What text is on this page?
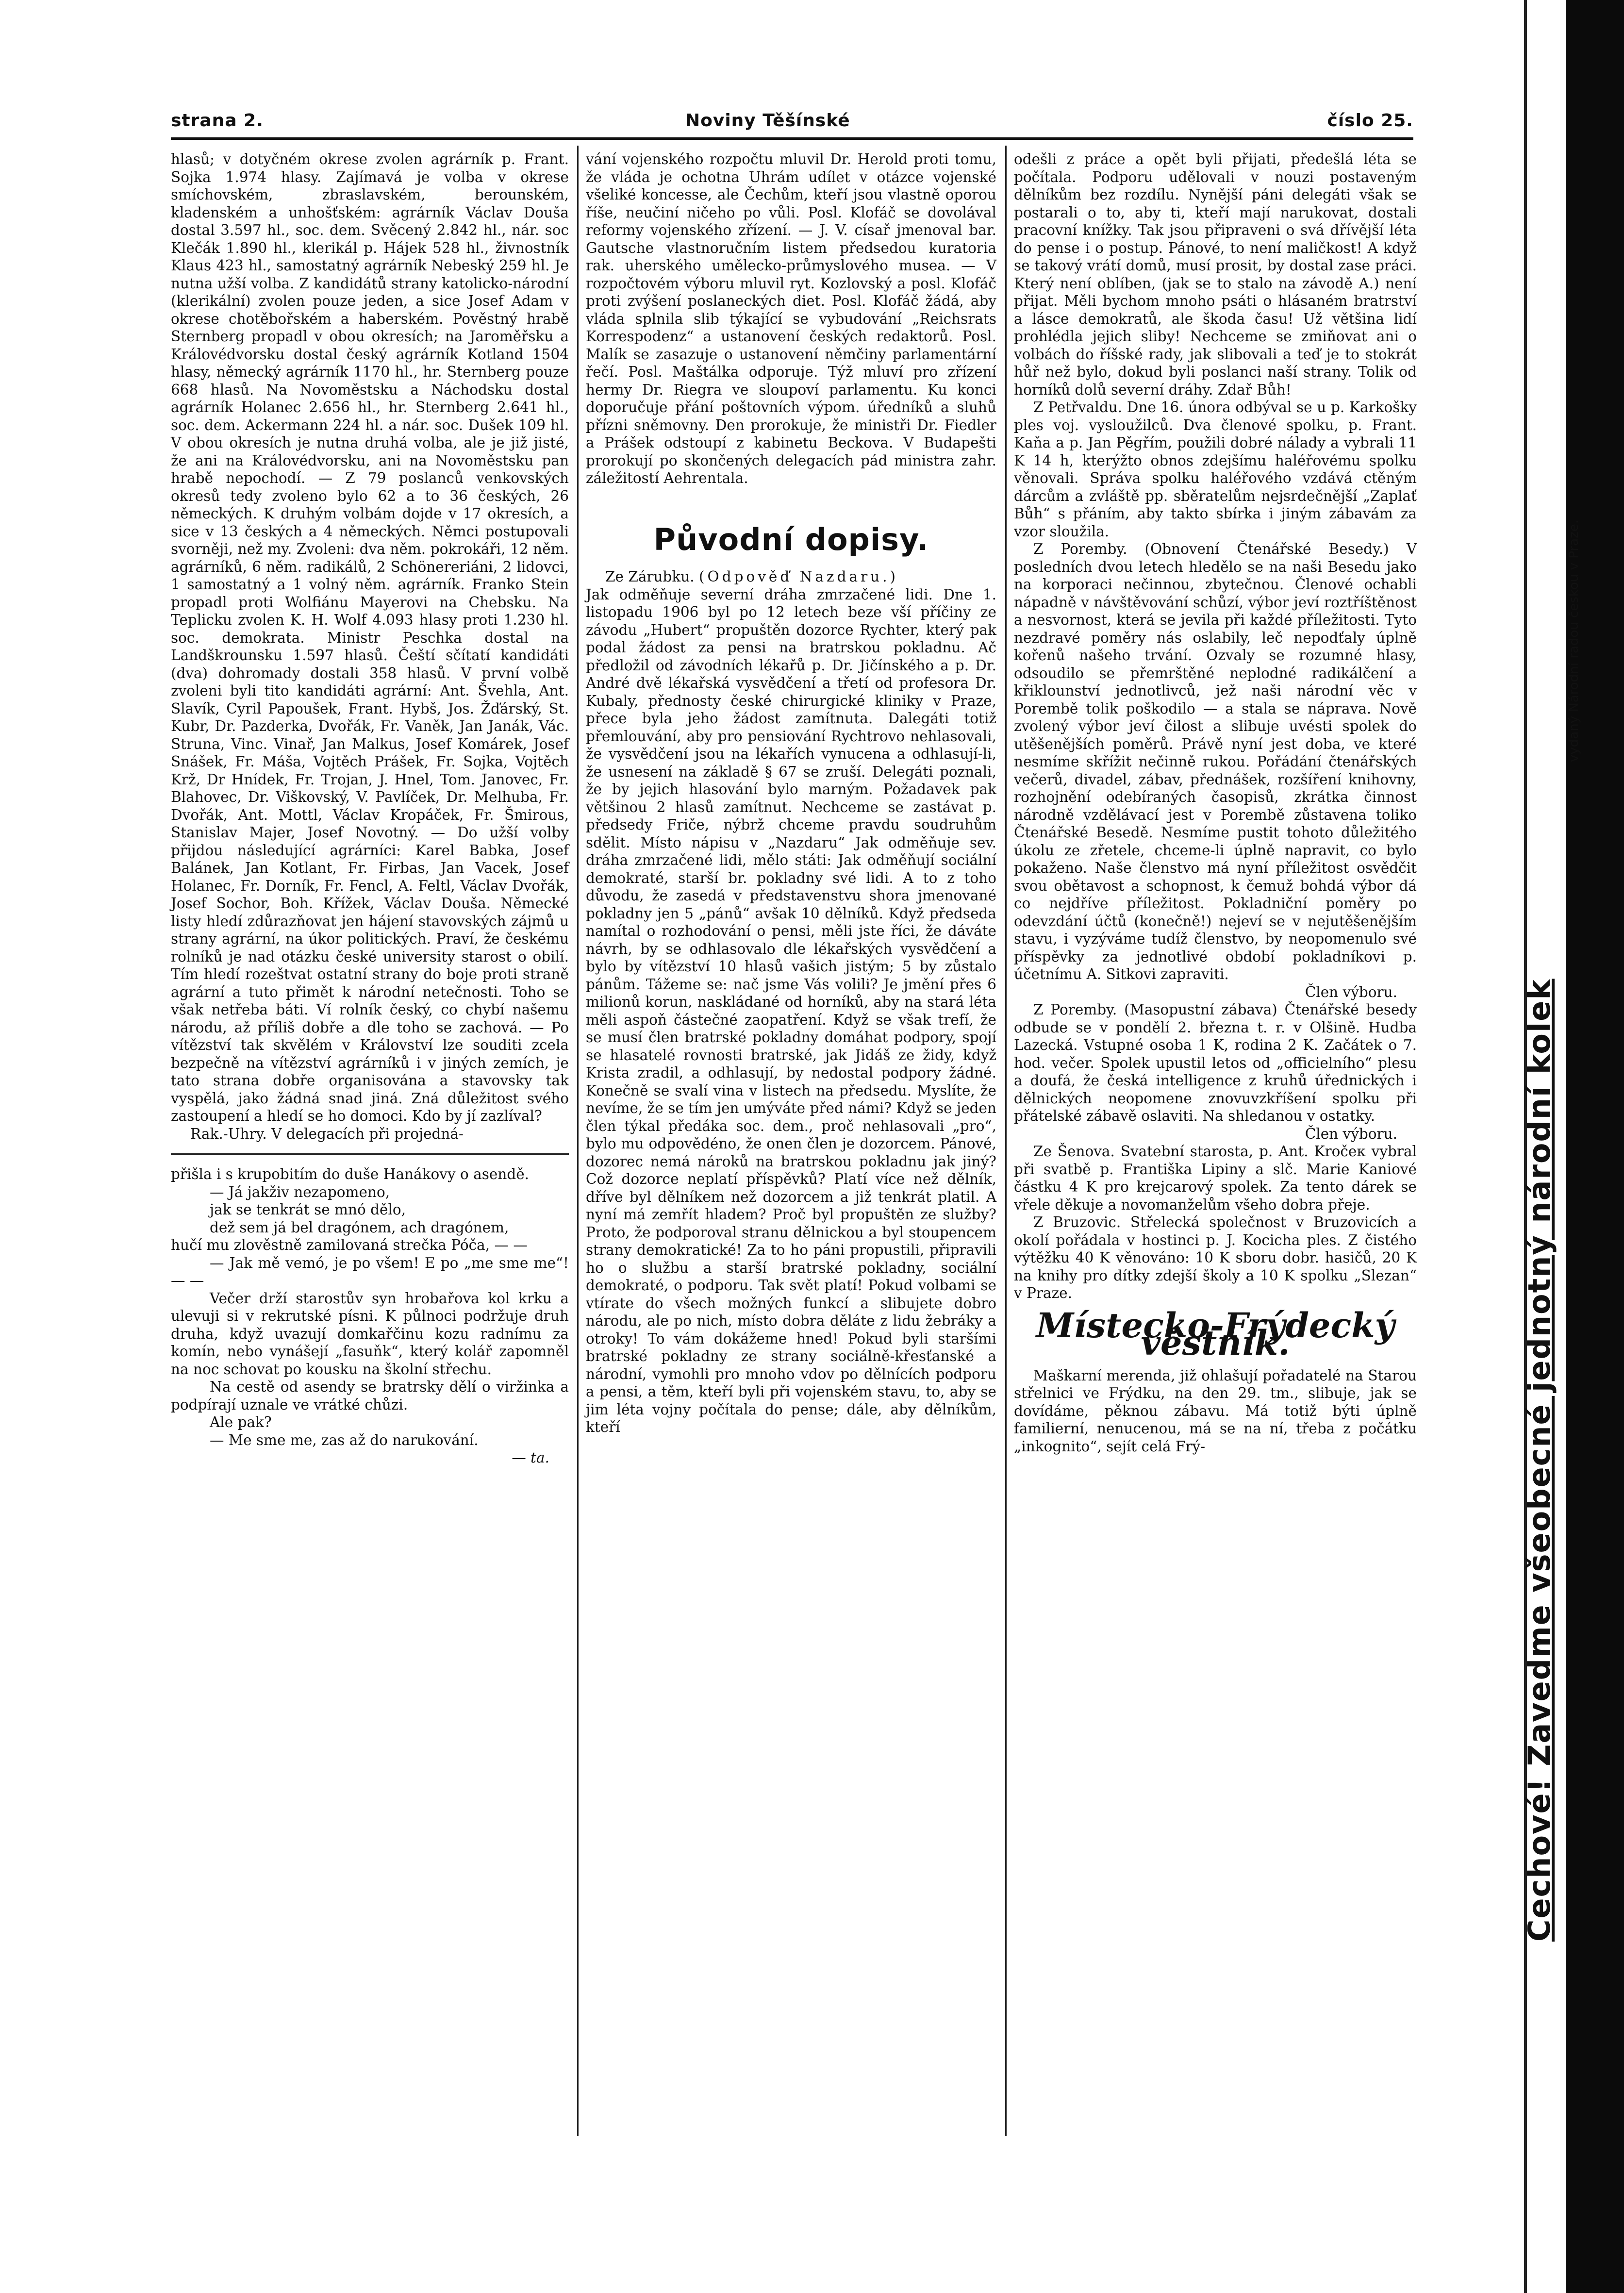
strana 2.	Noviny Těšínské	číslo 25.

hlasů; v dotyčném okrese zvolen agrárník p. Frant. Sojka 1.974 hlasy. Zajímavá je volba v okrese smíchovském, zbraslavském, berounském, kladenském a unhošťském: agrárník Václav Douša dostal 3.597 hl., soc. dem. Svěcený 2.842 hl., nár. soc Klečák 1.890 hl., klerikál p. Hájek 528 hl., živnostník Klaus 423 hl., samostatný agrárník Nebeský 259 hl. Je nutna užší volba. Z kandidátů strany katolicko-národní (klerikální) zvolen pouze jeden, a sice Josef Adam v okrese chotěbořském a haberském. Pověstný hrabě Sternberg propadl v obou okresích; na Jaroměřsku a Královédvorsku dostal český agrárník Kotland 1504 hlasy, německý agrárník 1170 hl., hr. Sternberg pouze 668 hlasů. Na Novoměstsku a Náchodsku dostal agrárník Holanec 2.656 hl., hr. Sternberg 2.641 hl., soc. dem. Ackermann 224 hl. a nár. soc. Dušek 109 hl. V obou okresích je nutna druhá volba, ale je již jisté, že ani na Královédvorsku, ani na Novoměstsku pan hrabě nepochodí. — Z 79 poslanců venkovských okresů tedy zvoleno bylo 62 a to 36 českých, 26 německých. K druhým volbám dojde v 17 okresích, a sice v 13 českých a 4 německých. Němci postupovali svorněji, než my. Zvoleni: dva něm. pokrokáři, 12 něm. agrárníků, 6 něm. radikálů, 2 Schönereriáni, 2 lidovci, 1 samostatný a 1 volný něm. agrárník. Franko Stein propadl proti Wolfiánu Mayerovi na Chebsku. Na Teplicku zvolen K. H. Wolf 4.093 hlasy proti 1.230 hl. soc. demokrata. Ministr Peschka dostal na Landškrounsku 1.597 hlasů. Čeští sčítatí kandidáti (dva) dohromady dostali 358 hlasů. V první volbě zvoleni byli tito kandidáti agrární: Ant. Švehla, Ant. Slavík, Cyril Papoušek, Frant. Hybš, Jos. Žďárský, St. Kubr, Dr. Pazderka, Dvořák, Fr. Vaněk, Jan Janák, Vác. Struna, Vinc. Vinař, Jan Malkus, Josef Komárek, Josef Snášek, Fr. Máša, Vojtěch Prášek, Fr. Sojka, Vojtěch Krž, Dr Hnídek, Fr. Trojan, J. Hnel, Tom. Janovec, Fr. Blahovec, Dr. Viškovský, V. Pavlíček, Dr. Melhuba, Fr. Dvořák, Ant. Mottl, Václav Kropáček, Fr. Šmirous, Stanislav Majer, Josef Novotný. — Do užší volby přijdou následující agrárníci: Karel Babka, Josef Balánek, Jan Kotlant, Fr. Firbas, Jan Vacek, Josef Holanec, Fr. Dorník, Fr. Fencl, A. Feltl, Václav Dvořák, Josef Sochor, Boh. Křížek, Václav Douša. Německé listy hledí zdůrazňovat jen hájení stavovských zájmů u strany agrární, na úkor politických. Praví, že českému rolníků je nad otázku české university starost o obilí. Tím hledí rozeštvat ostatní strany do boje proti straně agrární a tuto přimět k národní netečnosti. Toho se však netřeba báti. Ví rolník český, co chybí našemu národu, až příliš dobře a dle toho se zachová. — Po vítězství tak skvělém v Království lze souditi zcela bezpečně na vítězství agrárníků i v jiných zemích, je tato strana dobře organisována a stavovsky tak vyspělá, jako žádná snad jiná. Zná důležitost svého zastoupení a hledí se ho domoci. Kdo by jí zazlíval?

Rak.-Uhry. V delegacích při projedná-

přišla i s krupobitím do duše Hanákovy o asendě.

— Já jakživ nezapomeno,

jak se tenkrát se mnó dělo,

dež sem já bel dragónem, ach dragónem,

hučí mu zlověstně zamilovaná strečka Póča, — —

— Jak mě vemó, je po všem! E po „me sme me“! — —

Večer drží starostův syn hrobařova kol krku a ulevuji si v rekrutské písni. K půlnoci podržuje druh druha, když uvazují domkařčinu kozu radnímu za komín, nebo vynášejí „fasuňk“, který kolář zapomněl na noc schovat po kousku na školní střechu.

Na cestě od asendy se bratrsky dělí o viržinka a podpírají uznale ve vrátké chůzi.

Ale pak?

— Me sme me, zas až do narukování.

— ta.

vání vojenského rozpočtu mluvil Dr. Herold proti tomu, že vláda je ochotna Uhrám udílet v otázce vojenské všeliké koncesse, ale Čechům, kteří jsou vlastně oporou říše, neučiní ničeho po vůli. Posl. Klofáč se dovolával reformy vojenského zřízení. — J. V. císař jmenoval bar. Gautsche vlastnoručním listem předsedou kuratoria rak. uherského umělecko-průmyslového musea. — V rozpočtovém výboru mluvil ryt. Kozlovský a posl. Klofáč proti zvýšení poslaneckých diet. Posl. Klofáč žádá, aby vláda splnila slib týkající se vybudování „Reichsrats Korrespodenz“ a ustanovení českých redaktorů. Posl. Malík se zasazuje o ustanovení němčiny parlamentární řečí. Posl. Maštálka odporuje. Týž mluví pro zřízení hermy Dr. Riegra ve sloupoví parlamentu. Ku konci doporučuje přání poštovních výpom. úředníků a sluhů přízni sněmovny. Den prorokuje, že ministři Dr. Fiedler a Prášek odstoupí z kabinetu Beckova. V Budapešti prorokují po skončených delegacích pád ministra zahr. záležitostí Aehrentala.

Původní dopisy.

Ze Zárubku. (Odpověď Nazdaru.)

Jak odměňuje severní dráha zmrzačené lidi. Dne 1. listopadu 1906 byl po 12 letech beze vší příčiny ze závodu „Hubert“ propuštěn dozorce Rychter, který pak podal žádost za pensi na bratrskou pokladnu. Ač předložil od závodních lékařů p. Dr. Jičínského a p. Dr. André dvě lékařská vysvědčení a třetí od profesora Dr. Kubaly, přednosty české chirurgické kliniky v Praze, přece byla jeho žádost zamítnuta. Dalegáti totiž přemlouvání, aby pro pensiování Rychtrovo nehlasovali, že vysvědčení jsou na lékařích vynucena a odhlasují-li, že usnesení na základě § 67 se zruší. Delegáti poznali, že by jejich hlasování bylo marným. Požadavek pak většinou 2 hlasů zamítnut. Nechceme se zastávat p. předsedy Friče, nýbrž chceme pravdu soudruhům sdělit. Místo nápisu v „Nazdaru“ Jak odměňuje sev. dráha zmrzačené lidi, mělo státi: Jak odměňují sociální demokraté, starší br. pokladny své lidi. A to z toho důvodu, že zasedá v představenstvu shora jmenované pokladny jen 5 „pánů“ avšak 10 dělníků. Když předseda namítal o rozhodování o pensi, měli jste říci, že dáváte návrh, by se odhlasovalo dle lékařských vysvědčení a bylo by vítězství 10 hlasů vašich jistým; 5 by zůstalo pánům. Tážeme se: nač jsme Vás volili? Je jmění přes 6 milionů korun, naskládané od horníků, aby na stará léta měli aspoň částečné zaopatření. Když se však trefí, že se musí člen bratrské pokladny domáhat podpory, spojí se hlasatelé rovnosti bratrské, jak Jidáš ze židy, když Krista zradil, a odhlasují, by nedostal podpory žádné. Konečně se svalí vina v listech na předsedu. Myslíte, že nevíme, že se tím jen umýváte před námi? Když se jeden člen týkal předáka soc. dem., proč nehlasovali „pro“, bylo mu odpovědéno, že onen člen je dozorcem. Pánové, dozorec nemá nároků na bratrskou pokladnu jak jiný? Což dozorce neplatí příspěvků? Platí více než dělník, dříve byl dělníkem než dozorcem a již tenkrát platil. A nyní má zemřít hladem? Proč byl propuštěn ze služby? Proto, že podporoval stranu dělnickou a byl stoupencem strany demokratické! Za to ho páni propustili, připravili ho o službu a starší bratrské pokladny, sociální demokraté, o podporu. Tak svět platí! Pokud volbami se vtírate do všech možných funkcí a slibujete dobro národu, ale po nich, místo dobra děláte z lidu žebráky a otroky! To vám dokážeme hned! Pokud byli staršími bratrské pokladny ze strany sociálně-křesťanské a národní, vymohli pro mnoho vdov po dělnících podporu a pensi, a těm, kteří byli při vojenském stavu, to, aby se jim léta vojny počítala do pense; dále, aby dělníkům, kteří

odešli z práce a opět byli přijati, předešlá léta se počítala. Podporu udělovali v nouzi postaveným dělníkům bez rozdílu. Nynější páni delegáti však se postarali o to, aby ti, kteří mají narukovat, dostali pracovní knížky. Tak jsou připraveni o svá dřívější léta do pense i o postup. Pánové, to není maličkost! A když se takový vrátí domů, musí prosit, by dostal zase práci. Který není oblíben, (jak se to stalo na závodě A.) není přijat. Měli bychom mnoho psáti o hlásaném bratrství a lásce demokratů, ale škoda času! Už většina lidí prohlédla jejich sliby! Nechceme se zmiňovat ani o volbách do říšské rady, jak slibovali a teď je to stokrát hůř než bylo, dokud byli poslanci naší strany. Tolik od horníků dolů severní dráhy. Zdař Bůh!

Z Petřvaldu. Dne 16. února odbýval se u p. Karkošky ples voj. vysloužilců. Dva členové spolku, p. Frant. Kaňa a p. Jan Pěgřím, použili dobré nálady a vybrali 11 K 14 h, kterýžto obnos zdejšímu haléřovému spolku věnovali. Správa spolku haléřového vzdává ctěným dárcům a zvláště pp. sběratelům nejsrdečnější „Zaplať Bůh“ s přáním, aby takto sbírka i jiným zábavám za vzor sloužila.

Z Poremby. (Obnovení Čtenářské Besedy.) V posledních dvou letech hledělo se na naši Besedu jako na korporaci nečinnou, zbytečnou. Členové ochabli nápadně v návštěvování schůzí, výbor jeví roztříštěnost a nesvornost, která se jevila při každé příležitosti. Tyto nezdravé poměry nás oslabily, leč nepodťaly úplně kořenů našeho trvání. Ozvaly se rozumné hlasy, odsoudilo se přemrštěné neplodné radikálčení a křiklounství jednotlivců, jež naši národní věc v Porembě tolik poškodilo — a stala se náprava. Nově zvolený výbor jeví čilost a slibuje uvésti spolek do utěšenějších poměrů. Právě nyní jest doba, ve které nesmíme skřížit nečinně rukou. Pořádání čtenářských večerů, divadel, zábav, přednášek, rozšíření knihovny, rozhojnění odebíraných časopisů, zkrátka činnost národně vzdělávací jest v Porembě zůstavena toliko Čtenářské Besedě. Nesmíme pustit tohoto důležitého úkolu ze zřetele, chceme-li úplně napravit, co bylo pokaženo. Naše členstvo má nyní příležitost osvědčit svou obětavost a schopnost, k čemuž bohdá výbor dá co nejdříve příležitost. Pokladniční poměry po odevzdání účtů (konečně!) nejeví se v nejutěšenějším stavu, i vyzýváme tudíž členstvo, by neopomenulo své příspěvky za jednotlivé období pokladníkovi p. účetnímu A. Sitkovi zapraviti.

Člen výboru.

Z Poremby. (Masopustní zábava) Čtenářské besedy odbude se v pondělí 2. března t. r. v Olšině. Hudba Lazecká. Vstupné osoba 1 K, rodina 2 K. Začátek o 7. hod. večer. Spolek upustil letos od „officielního“ plesu a doufá, že česká intelligence z kruhů úřednických i dělnických neopomene znovuvzkříšení spolku při přátelské zábavě oslaviti. Na shledanou v ostatky.

Člen výboru.

Ze Šenova. Svatební starosta, p. Ant. Kročeк vybral při svatbě p. Františka Lipiny a slč. Marie Kaniové částku 4 K pro krejcarový spolek. Za tento dárek se vřele děkuje a novomanželům všeho dobra přeje.

Z Bruzovic. Střelecká společnost v Bruzovicích a okolí pořádala v hostinci p. J. Kocicha ples. Z čistého výtěžku 40 K věnováno: 10 K sboru dobr. hasičů, 20 K na knihy pro dítky zdejší školy a 10 K spolku „Slezan“ v Praze.

Místecko-Frýdecký věstník.

Maškarní merenda, již ohlašují pořadatelé na Starou střelnici ve Frýdku, na den 29. tm., slibuje, jak se dovídáme, pěknou zábavu. Má totiž býti úplně familierní, nenucenou, má se na ní, třeba z počátku „inkognito“, sejít celá Frý-	Cechové! Zavedme všeobecné jednotný národní kolek
vydaný Národní radou českou v Praze.
